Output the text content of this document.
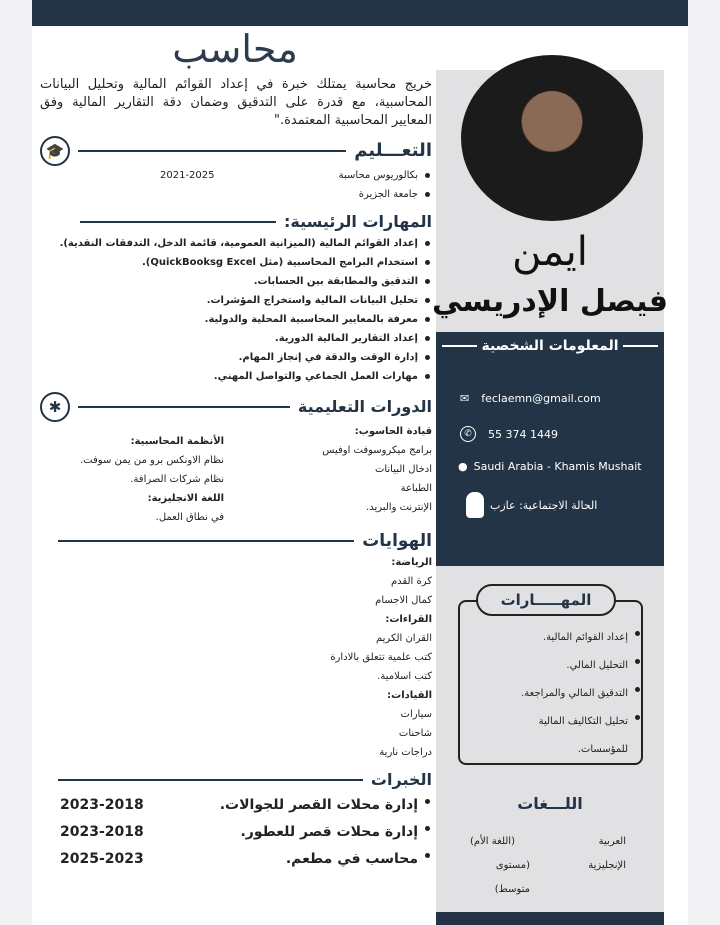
محاسب
خريج محاسبة يمتلك خبرة في إعداد القوائم المالية وتحليل البيانات المحاسبية، مع قدرة على التدقيق وضمان دقة التقارير المالية وفق المعايير المحاسبية المعتمدة."
التعـــليم
🎓
بكالوريوس محاسبة
جامعة الجزيرة
2021-2025
المهارات الرئيسية:
إعداد القوائم المالية (الميزانية العمومية، قائمة الدخل، التدفقات النقدية).
استخدام البرامج المحاسبية (مثل QuickBooksg Excel).
التدقيق والمطابقة بين الحسابات.
تحليل البيانات المالية واستخراج المؤشرات.
معرفة بالمعايير المحاسبية المحلية والدولية.
إعداد التقارير المالية الدورية.
إدارة الوقت والدقة في إنجاز المهام.
مهارات العمل الجماعي والتواصل المهني.
الدورات التعليمية
✱
قيادة الحاسوب:
برامج ميكروسوفت اوفيس
ادخال البيانات
الطباعة
الإنترنت والبريد.
الأنظمة المحاسبية:
نظام الاونكس برو من يمن سوفت.
نظام شركات الصرافة.
اللغة الانجليزية:
في نطاق العمل.
الهوايات
الرياضة:
كرة القدم
كمال الاجسام
القراءات:
القران الكريم
كتب علمية تتعلق بالادارة
كتب اسلامية.
القيادات:
سيارات
شاحنات
دراجات نارية
الخبرات
إدارة محلات القصر للجوالات.
2023-2018
إدارة محلات قصر للعطور.
2023-2018
محاسب في مطعم.
2025-2023
ايمن
فيصل الإدريسي
المعلومات الشخصية
✉ feclaemn@gmail.com
✆	55 374 1449
● Saudi Arabia - Khamis Mushait
الحالة الاجتماعية: عازب
المهـــــارات
إعداد القوائم المالية.
التحليل المالي.
التدقيق المالي والمراجعة.
تحليل التكاليف المالية للمؤسسات.
اللـــغات
العربية
(اللغة الأم)
الإنجليزية
(مستوى متوسط)
